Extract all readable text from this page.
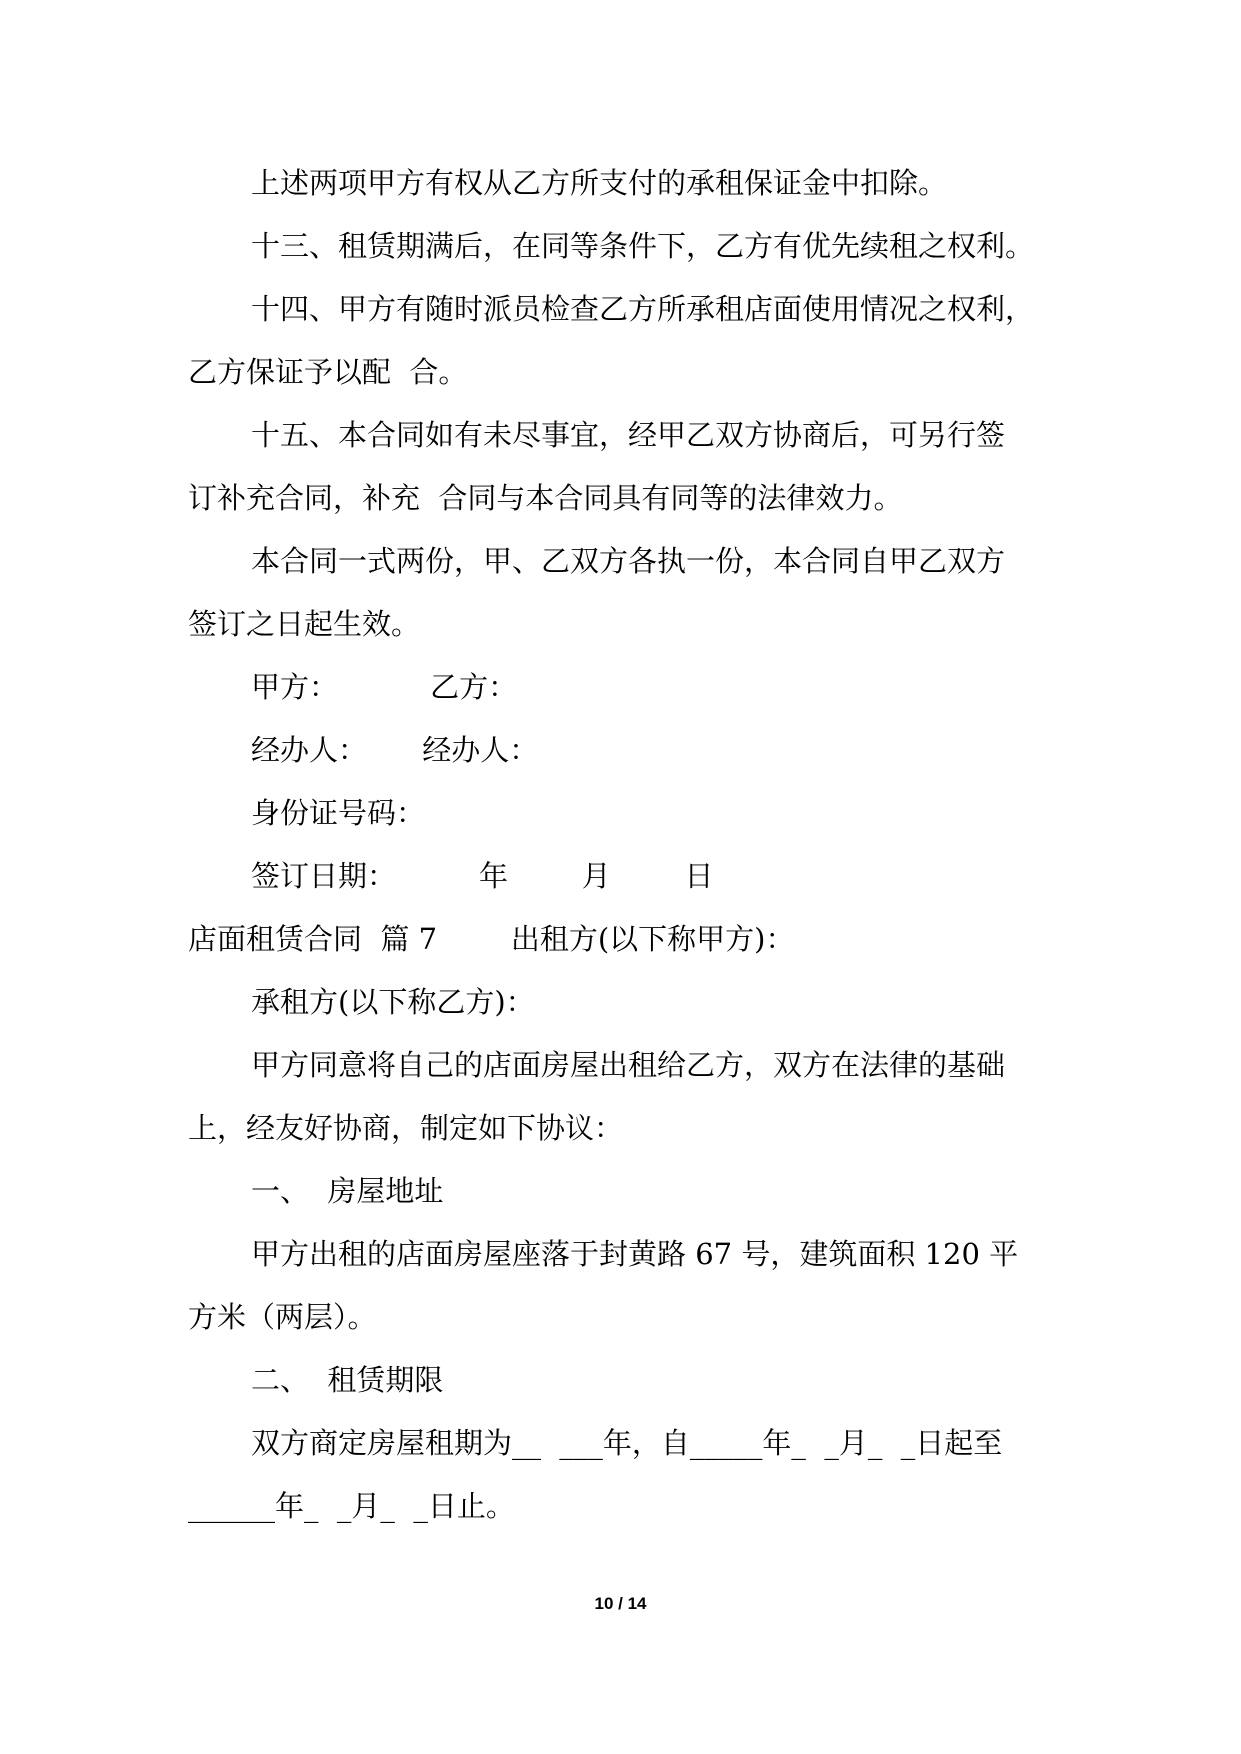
上述两项甲方有权从乙方所支付的承租保证金中扣除。

十三、租赁期满后，在同等条件下，乙方有优先续租之权利。

十四、甲方有随时派员检查乙方所承租店面使用情况之权利，

乙方保证予以配  合。

十五、本合同如有未尽事宜，经甲乙双方协商后，可另行签

订补充合同，补充  合同与本合同具有同等的法律效力。

本合同一式两份，甲、乙双方各执一份，本合同自甲乙双方

签订之日起生效。

甲方：          乙方：

经办人：      经办人：

身份证号码：

签订日期：         年        月        日

店面租赁合同  篇 7        出租方(以下称甲方)：

承租方(以下称乙方)：

甲方同意将自己的店面房屋出租给乙方，双方在法律的基础

上，经友好协商，制定如下协议：

一、  房屋地址

甲方出租的店面房屋座落于封黄路 67 号，建筑面积 120 平

方米（两层）。

二、  租赁期限

双方商定房屋租期为__  ___年，自_____年_  _月_  _日起至

______年_  _月_  _日止。

10 / 14
